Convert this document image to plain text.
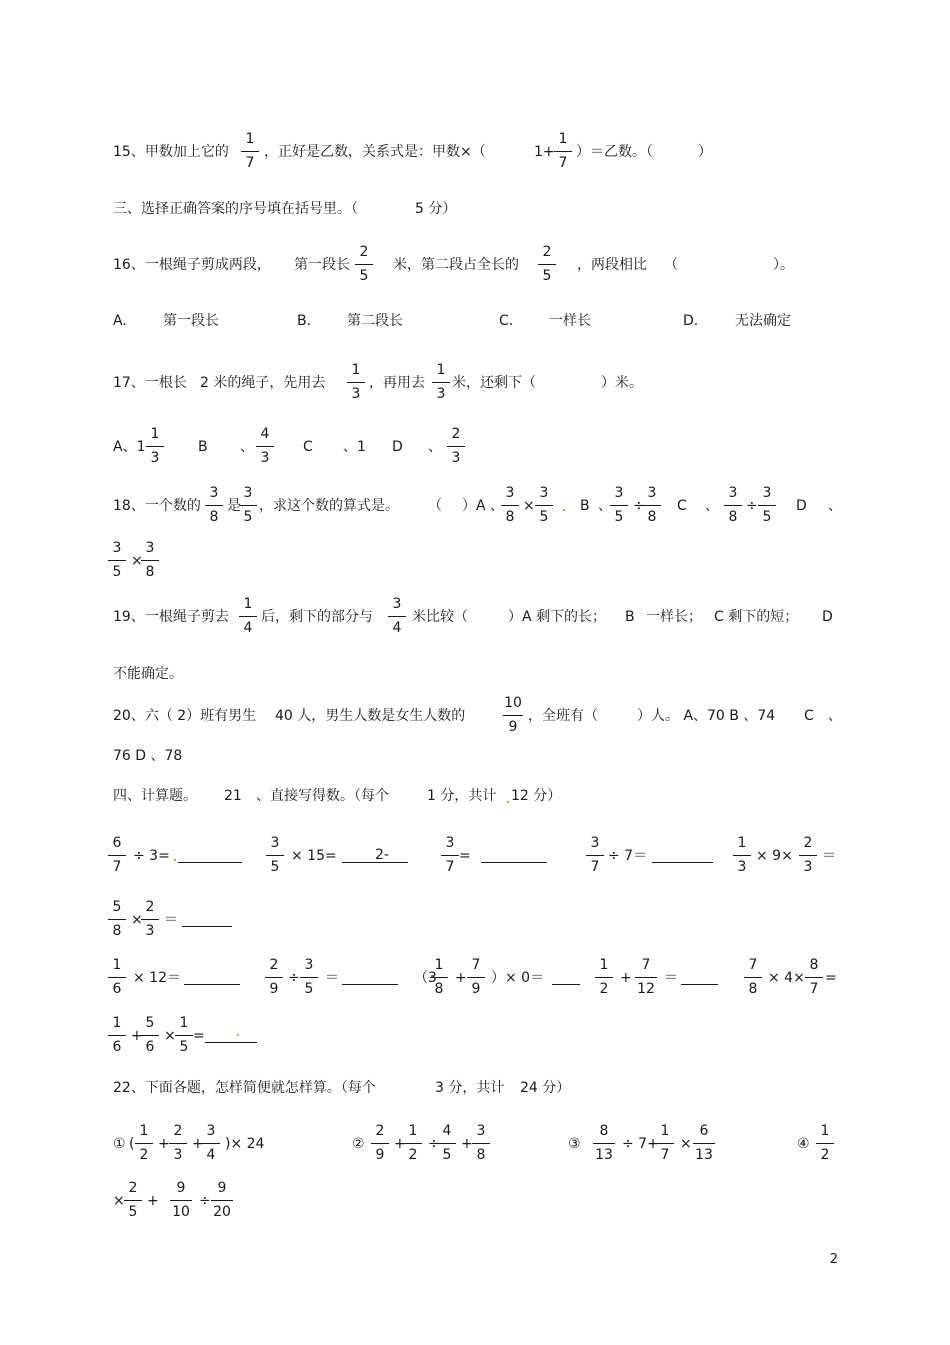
15、甲数加上它的
1
7
，正好是乙数，关系式是：甲数×（	1+
1
7
）＝乙数。（	）
三、选择正确答案的序号填在括号里。（	5 分）
16、一根绳子剪成两段， 第一段长
2
5
米，第二段占全长的
2
5
，两段相比 （	）。
A.	第一段长	B.	第二段长	C.	一样长	D.	无法确定
17、一根长 2 米的绳子，先用去
1
3
，再用去
1
3
米，还剩下（	）米。
A、1
1
3
B 、
4
3
C 、1 D 、
2
3
18、一个数的
3
8
是
3
5
，求这个数的算式是。 （ ）A 、
3
8
×
3
5
B 、
3
5
÷
3
8
C 、
3
8
÷
3
5
D 、
3
5
×
3
8
19、一根绳子剪去
1
4
后，剩下的部分与
3
4
米比较（	）A 剩下的长； B 一样长； C 剩下的短； D
不能确定。
20、六（ 2）班有男生 40 人，男生人数是女生人数的
10
9
，全班有（	）人。 A、70 B 、74 C 、
76 D 、78
四、计算题。 21 、直接写得数。（每个	1 分，共计 12 分）
6
7
÷ 3=
3
5
× 15=	2-
3
7
=
3
7
÷ 7＝
1
3
× 9×
2
3
＝
5
8
×
2
3
＝
1
6
× 12＝
2
9
÷
3
5
＝	（3
1
8
+
7
9
）× 0＝
1
2
+
7
12
＝
7
8
× 4×
8
7
=
1
6
+
5
6
×
1
5
=
22、下面各题，怎样简便就怎样算。（每个	3 分，共计 24 分）
① (
1
2
+
2
3
+
3
4
)× 24	②
2
9
+
1
2
÷
4
5
+
3
8
③
8
13
÷ 7+
1
7
×
6
13
④
1
2
×
2
5
+
9
10
÷
9
20
2
